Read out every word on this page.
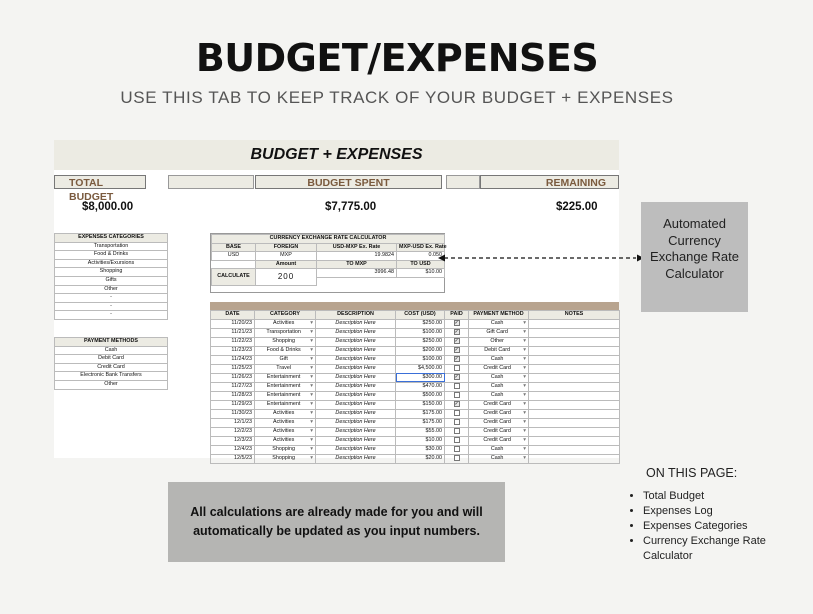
BUDGET/EXPENSES
USE THIS TAB TO KEEP TRACK OF YOUR BUDGET + EXPENSES
BUDGET + EXPENSES
TOTAL BUDGET
BUDGET SPENT	REMAINING
$8,000.00	$7,775.00	$225.00
EXPENSES CATEGORIES
Transportation
Food & Drinks
Activities/Exursions
Shopping
Gifts
Other
-
-
-
PAYMENT METHODS
Cash
Debit Card
Credit Card
Electronic Bank Transfers
Other
CURRENCY EXCHANGE RATE CALCULATOR			
BASE	FOREIGN	USD-MXP Ex. Rate	MXP-USD Ex. Rate
USD	MXP	19.9824	0.050
	Amount	TO MXP	TO USD
CALCULATE	200	3996.48	$10.00

DATE	CATEGORY	DESCRIPTION	COST (USD)	PAID	PAYMENT METHOD	NOTES
11/20/23	Activities ▾	Description Here	$250.00	✓	Cash ▾	

11/21/23	Transportation ▾	Description Here	$100.00	✓	Gift Card ▾	

11/22/23	Shopping ▾	Description Here	$250.00	✓	Other ▾	

11/23/23	Food & Drinks ▾	Description Here	$200.00	✓	Debit Card ▾	

11/24/23	Gift ▾	Description Here	$100.00	✓	Cash ▾	

11/25/23	Travel ▾	Description Here	$4,500.00		Credit Card ▾	

11/26/23	Entertainment ▾	Description Here	$300.00	✓	Cash ▾	

11/27/23	Entertainment ▾	Description Here	$470.00		Cash ▾	

11/28/23	Entertainment ▾	Description Here	$500.00		Cash ▾	

11/29/23	Entertainment ▾	Description Here	$150.00	✓	Credit Card ▾	

11/30/23	Activities ▾	Description Here	$175.00		Credit Card ▾	

12/1/23	Activities ▾	Description Here	$175.00		Credit Card ▾	

12/2/23	Activities ▾	Description Here	$55.00		Credit Card ▾	

12/3/23	Activities ▾	Description Here	$10.00		Credit Card ▾	

12/4/23	Shopping ▾	Description Here	$30.00		Cash ▾	

12/5/23	Shopping ▾	Description Here	$20.00		Cash ▾	

Automated Currency Exchange Rate Calculator
All calculations are already made for you and will automatically be updated as you input numbers.
ON THIS PAGE:
• Total Budget
• Expenses Log
• Expenses Categories
• Currency Exchange Rate Calculator
